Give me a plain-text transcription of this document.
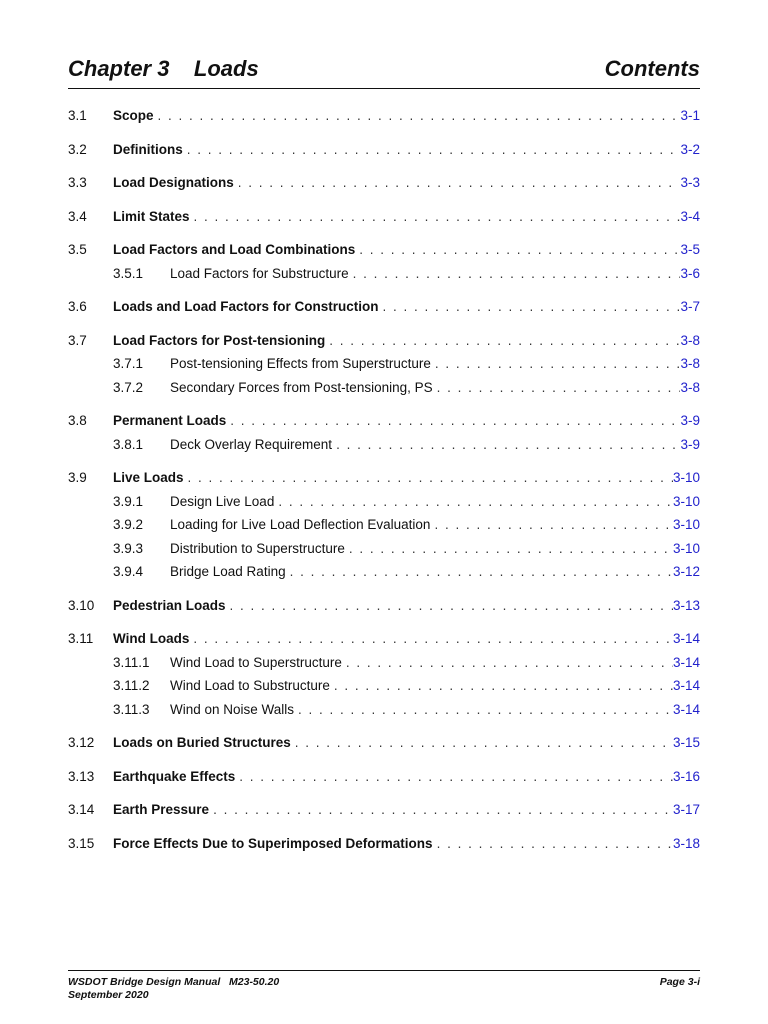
Chapter 3    Loads	Contents
3.1 Scope . . .	3-1
3.2 Definitions . . .	3-2
3.3 Load Designations . . .	3-3
3.4 Limit States . . .	3-4
3.5 Load Factors and Load Combinations . . .	3-5
3.5.1 Load Factors for Substructure . . .	3-6
3.6 Loads and Load Factors for Construction . . .	3-7
3.7 Load Factors for Post-tensioning . . .	3-8
3.7.1 Post-tensioning Effects from Superstructure . . .	3-8
3.7.2 Secondary Forces from Post-tensioning, PS . . .	3-8
3.8 Permanent Loads . . .	3-9
3.8.1 Deck Overlay Requirement . . .	3-9
3.9 Live Loads . . .	3-10
3.9.1 Design Live Load . . .	3-10
3.9.2 Loading for Live Load Deflection Evaluation . . .	3-10
3.9.3 Distribution to Superstructure . . .	3-10
3.9.4 Bridge Load Rating . . .	3-12
3.10 Pedestrian Loads . . .	3-13
3.11 Wind Loads . . .	3-14
3.11.1 Wind Load to Superstructure . . .	3-14
3.11.2 Wind Load to Substructure . . .	3-14
3.11.3 Wind on Noise Walls . . .	3-14
3.12 Loads on Buried Structures . . .	3-15
3.13 Earthquake Effects . . .	3-16
3.14 Earth Pressure . . .	3-17
3.15 Force Effects Due to Superimposed Deformations . . .	3-18
WSDOT Bridge Design Manual   M23-50.20
September 2020
Page 3-i
